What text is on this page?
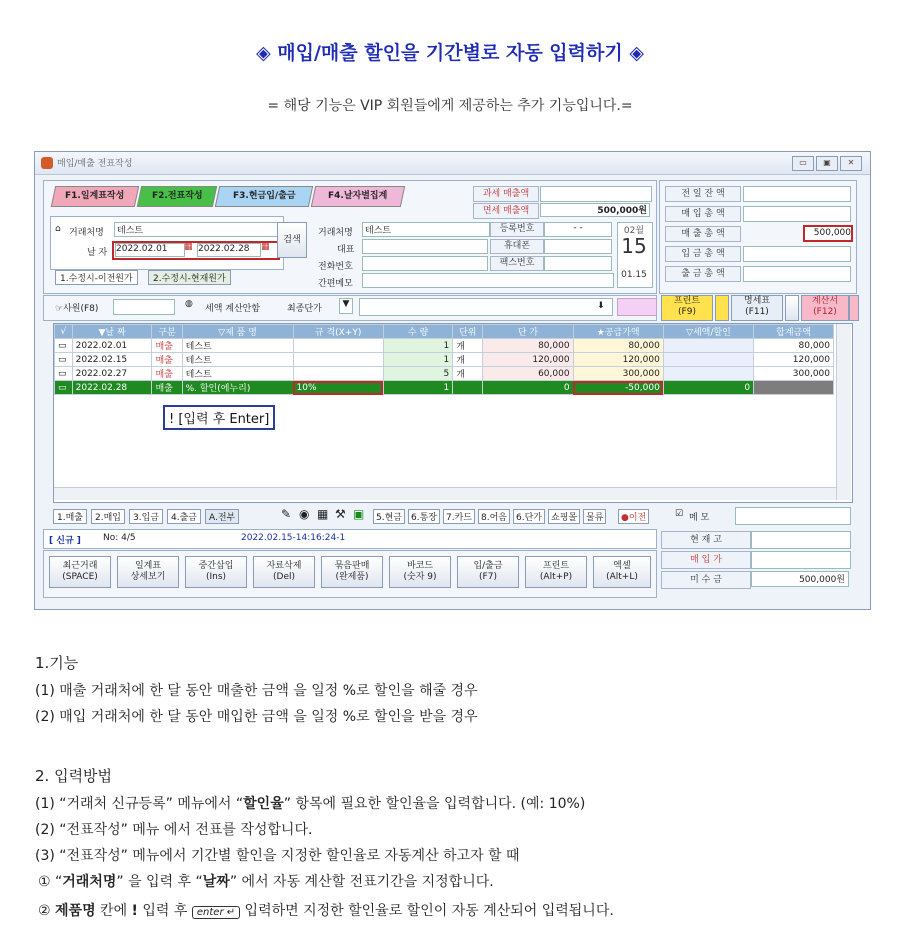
◈ 매입/매출 할인을 기간별로 자동 입력하기 ◈
= 해당 기능은 VIP 회원들에게 제공하는 추가 기능입니다.=
매입/매출 전표작성	▭	▣	✕
F1.일계표작성	F2.전표작성	F3.현금입/출금	F4.날자별집계	과세 매출액
면세 매출액	500,000원
⌂ 거래처명	테스트
날 자 2022.02.01	▦ 2022.02.28	▦
검색
1.수정시-이전원가	2.수정시-현재원가
거래처명	테스트
대표
전화번호
간편메모
등록번호	- -
휴대폰
팩스번호
02월
15
01.15
전 일 잔 액
매 입 총 액
매 출 총 액	500,000
입 금 총 액
출 금 총 액
☞사원(F8)	◍ 세액 계산안함	최종단가	▼	⬇	프린트
(F9)
명세표
(F11)
계산서
(F12)
√	▼날 짜	구분	▽제 품 명	규 격(X+Y)	수 량	단위	단 가	★공급가액	▽세액/할인	합계금액
▭	2022.02.01	매출	테스트		1	개	80,000	80,000		80,000
▭	2022.02.15	매출	테스트		1	개	120,000	120,000		120,000
▭	2022.02.27	매출	테스트		5	개	60,000	300,000		300,000
▭	2022.02.28	매출	%. 할인(에누리)	10%	1		0	-50,000	0	
! [입력 후 Enter]
1.매출	2.매입	3.입금	4.출금	A.전부	✎ ◉ ▦ ⚒ ▣	5.현금	6.통장	7.카드	8.어음	6.단가	쇼핑몰 물류	●이전	☑ 메 모
[ 신규 ] No: 4/5	2022.02.15-14:16:24-1
최근거래
(SPACE)
일계표
상세보기
중간삽입
(Ins)
자료삭제
(Del)
묶음판매
(완제품)
바코드
(숫자 9)
입/출금
(F7)
프린트
(Alt+P)
엑셀
(Alt+L)
현 재 고
매 입 가
미 수 금	500,000원
1.기능
(1) 매출 거래처에 한 달 동안 매출한 금액 을 일정 %로 할인을 해줄 경우
(2) 매입 거래처에 한 달 동안 매입한 금액 을 일정 %로 할인을 받을 경우
2. 입력방법
(1) “거래처 신규등록” 메뉴에서 “할인율” 항목에 필요한 할인율을 입력합니다. (예: 10%)
(2) “전표작성” 메뉴 에서 전표를 작성합니다.
(3) “전표작성” 메뉴에서 기간별 할인을 지정한 할인율로 자동계산 하고자 할 때
① “거래처명” 을 입력 후 “날짜” 에서 자동 계산할 전표기간을 지정합니다.
② 제품명 칸에 ! 입력 후 enter ↵ 입력하면 지정한 할인율로 할인이 자동 계산되어 입력됩니다.
